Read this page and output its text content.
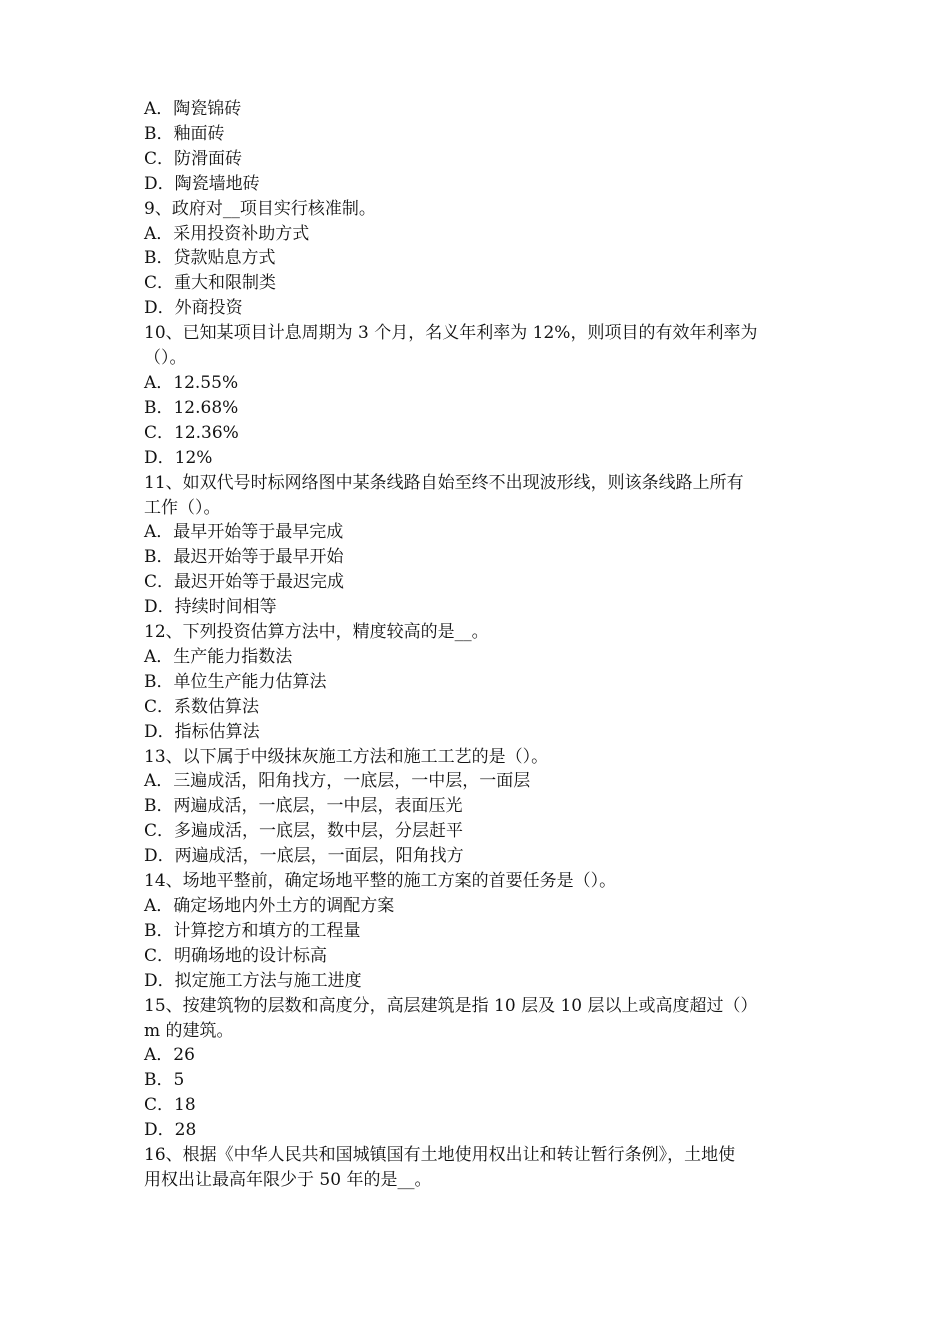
A．陶瓷锦砖
B．釉面砖
C．防滑面砖
D．陶瓷墙地砖
9、政府对__项目实行核准制。
A．采用投资补助方式
B．贷款贴息方式
C．重大和限制类
D．外商投资
10、已知某项目计息周期为 3 个月，名义年利率为 12%，则项目的有效年利率为
（）。
A．12.55%
B．12.68%
C．12.36%
D．12%
11、如双代号时标网络图中某条线路自始至终不出现波形线，则该条线路上所有
工作（）。
A．最早开始等于最早完成
B．最迟开始等于最早开始
C．最迟开始等于最迟完成
D．持续时间相等
12、下列投资估算方法中，精度较高的是__。
A．生产能力指数法
B．单位生产能力估算法
C．系数估算法
D．指标估算法
13、以下属于中级抹灰施工方法和施工工艺的是（）。
A．三遍成活，阳角找方，一底层，一中层，一面层
B．两遍成活，一底层，一中层，表面压光
C．多遍成活，一底层，数中层，分层赶平
D．两遍成活，一底层，一面层，阳角找方
14、场地平整前，确定场地平整的施工方案的首要任务是（）。
A．确定场地内外土方的调配方案
B．计算挖方和填方的工程量
C．明确场地的设计标高
D．拟定施工方法与施工进度
15、按建筑物的层数和高度分，高层建筑是指 10 层及 10 层以上或高度超过（）
m 的建筑。
A．26
B．5
C．18
D．28
16、根据《中华人民共和国城镇国有土地使用权出让和转让暂行条例》，土地使
用权出让最高年限少于 50 年的是__。
